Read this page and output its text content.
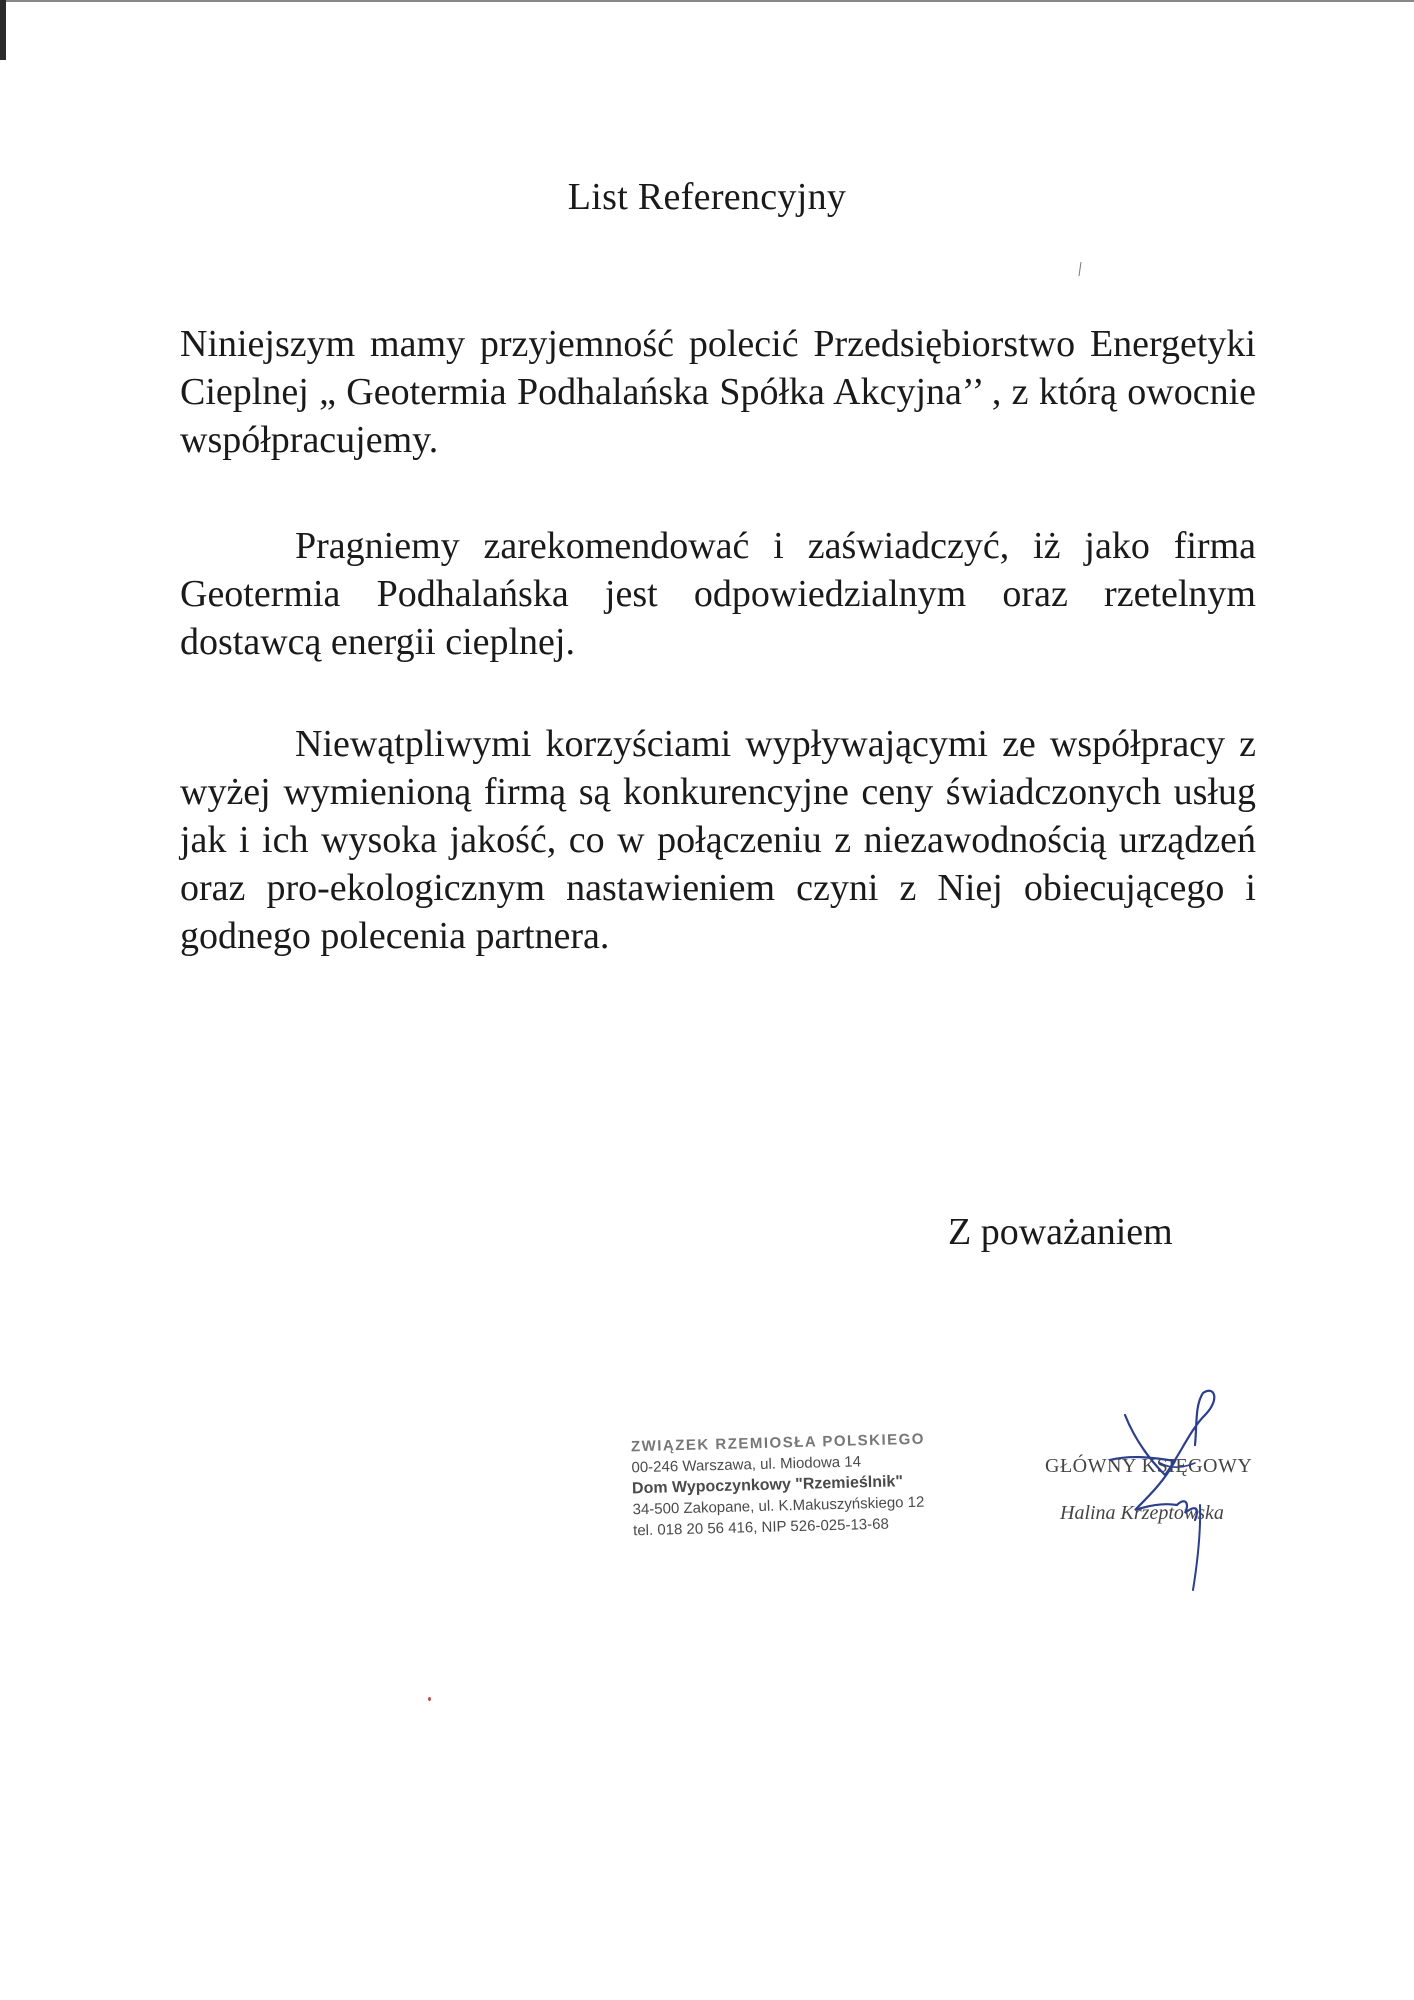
List Referencyjny

Niniejszym mamy przyjemność polecić Przedsiębiorstwo Energetyki Cieplnej „ Geotermia Podhalańska Spółka Akcyjna’’ , z którą owocnie współpracujemy.

Pragniemy zarekomendować i zaświadczyć, iż jako firma Geotermia Podhalańska jest odpowiedzialnym oraz rzetelnym dostawcą energii cieplnej.

Niewątpliwymi korzyściami wypływającymi ze współpracy z wyżej wymienioną firmą są konkurencyjne ceny świadczonych usług jak i ich wysoka jakość, co w połączeniu z niezawodnością urządzeń oraz pro-ekologicznym nastawieniem czyni z Niej obiecującego i godnego polecenia partnera.

Z poważaniem
ZWIĄZEK RZEMIOSŁA POLSKIEGO
00-246 Warszawa, ul. Miodowa 14
Dom Wypoczynkowy "Rzemieślnik"
34-500 Zakopane, ul. K.Makuszyńskiego 12
tel. 018 20 56 416, NIP 526-025-13-68
GŁÓWNY KSIĘGOWY
Halina Krzeptowska
